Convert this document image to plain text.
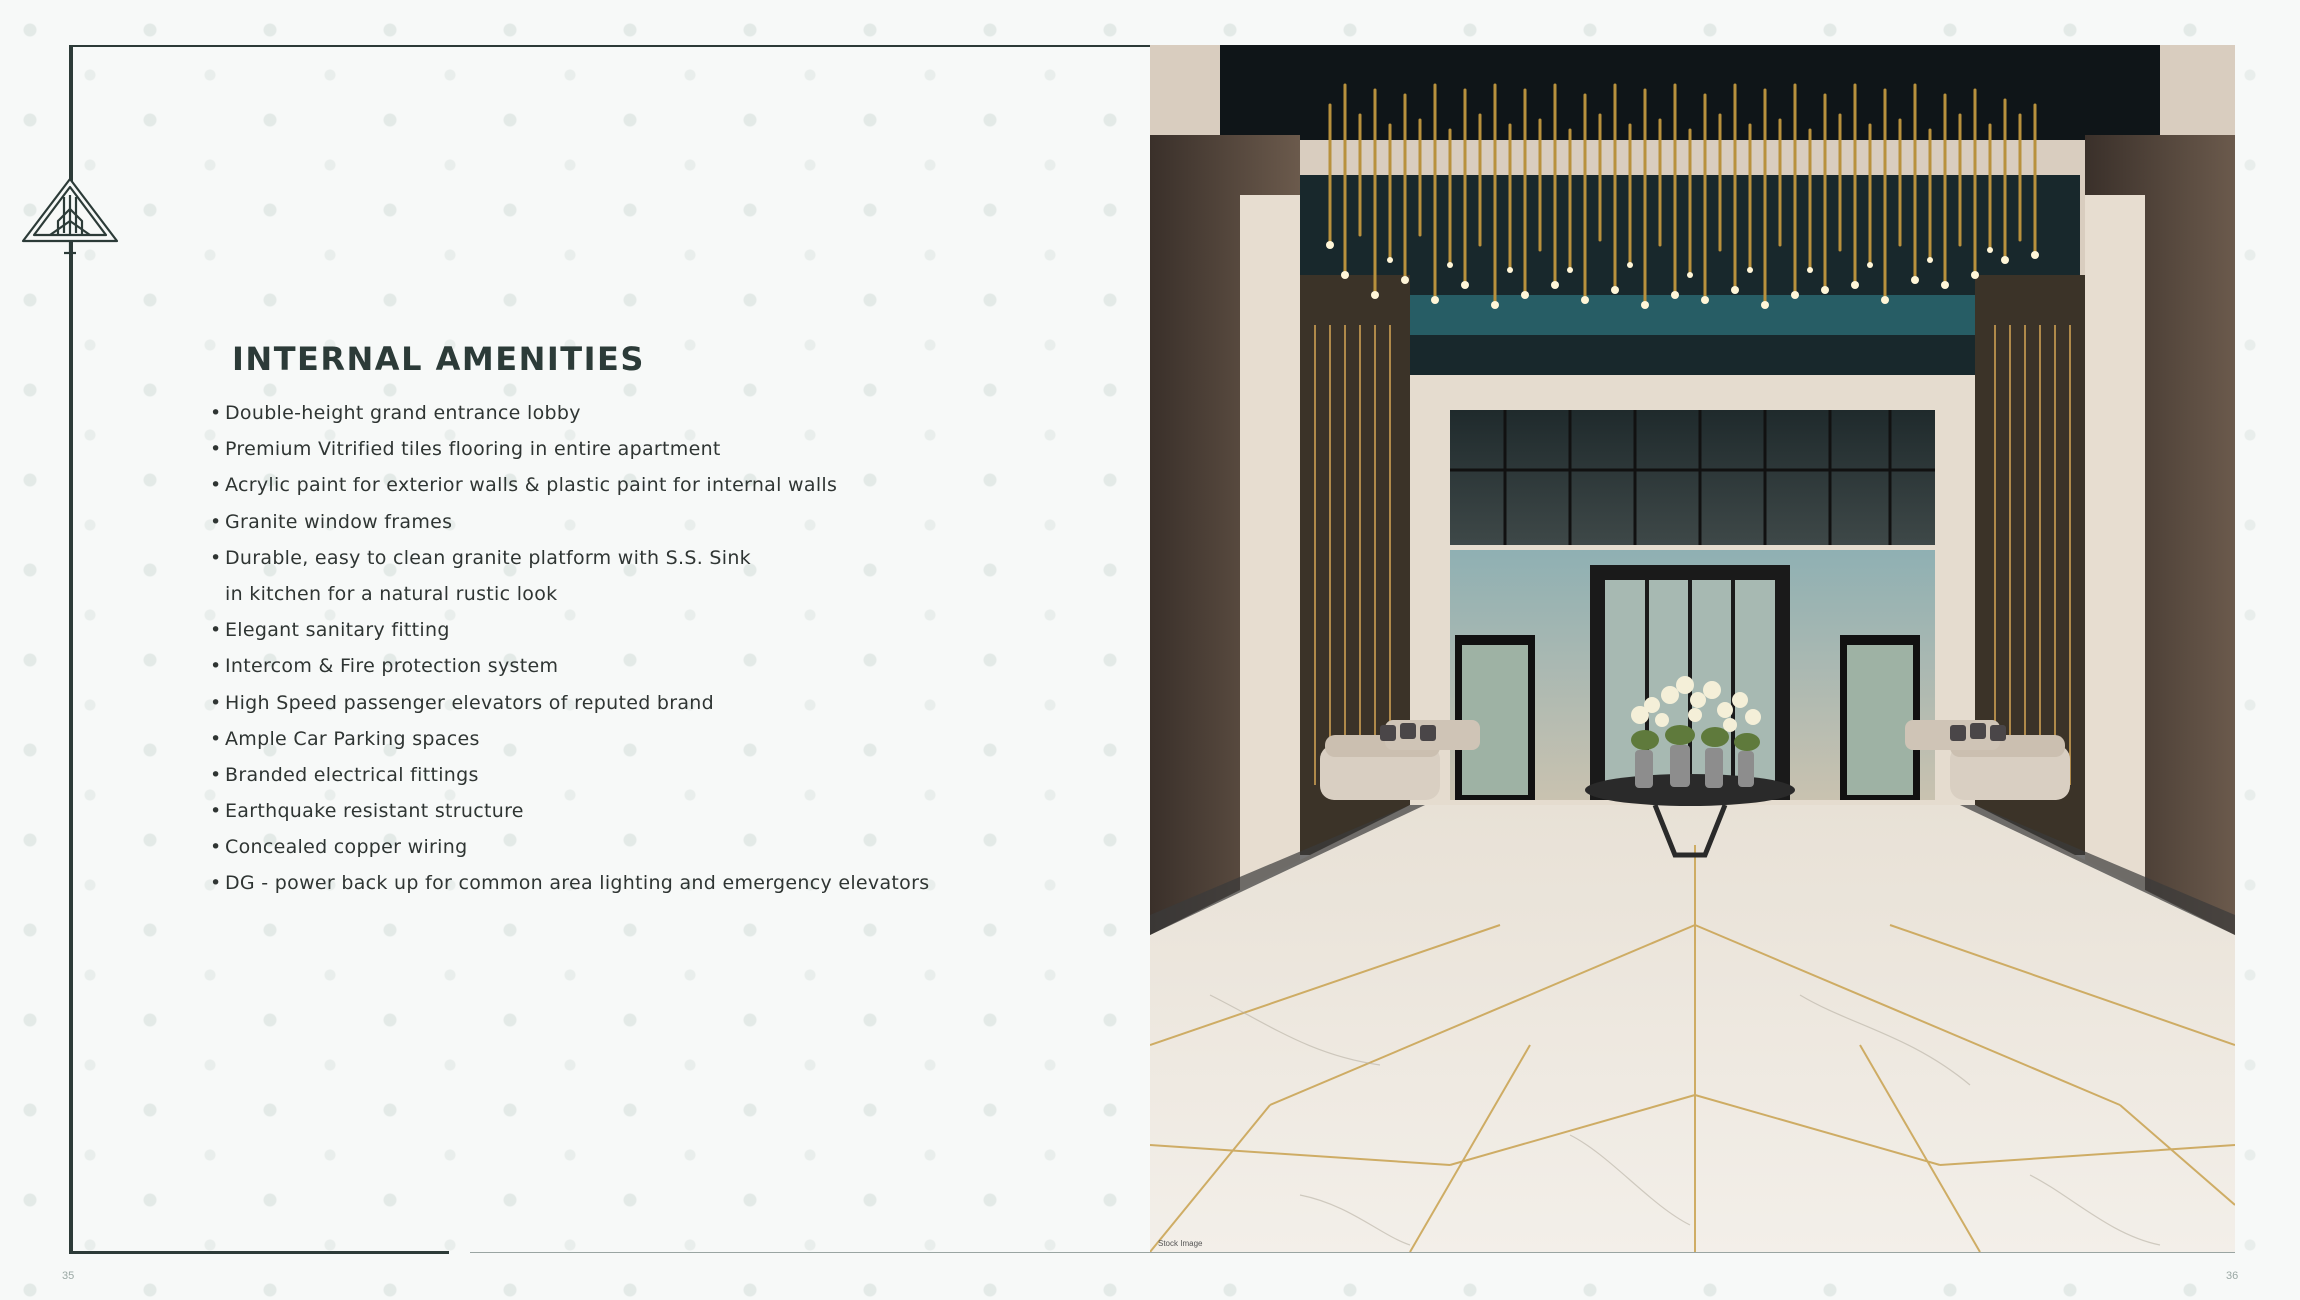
INTERNAL AMENITIES
• Double-height grand entrance lobby
• Premium Vitrified tiles flooring in entire apartment
• Acrylic paint for exterior walls & plastic paint for internal walls
• Granite window frames
• Durable, easy to clean granite platform with S.S. Sink
in kitchen for a natural rustic look
• Elegant sanitary fitting
• Intercom & Fire protection system
• High Speed passenger elevators of reputed brand
• Ample Car Parking spaces
• Branded electrical fittings
• Earthquake resistant structure
• Concealed copper wiring
• DG - power back up for common area lighting and emergency elevators
Stock Image
35	36
